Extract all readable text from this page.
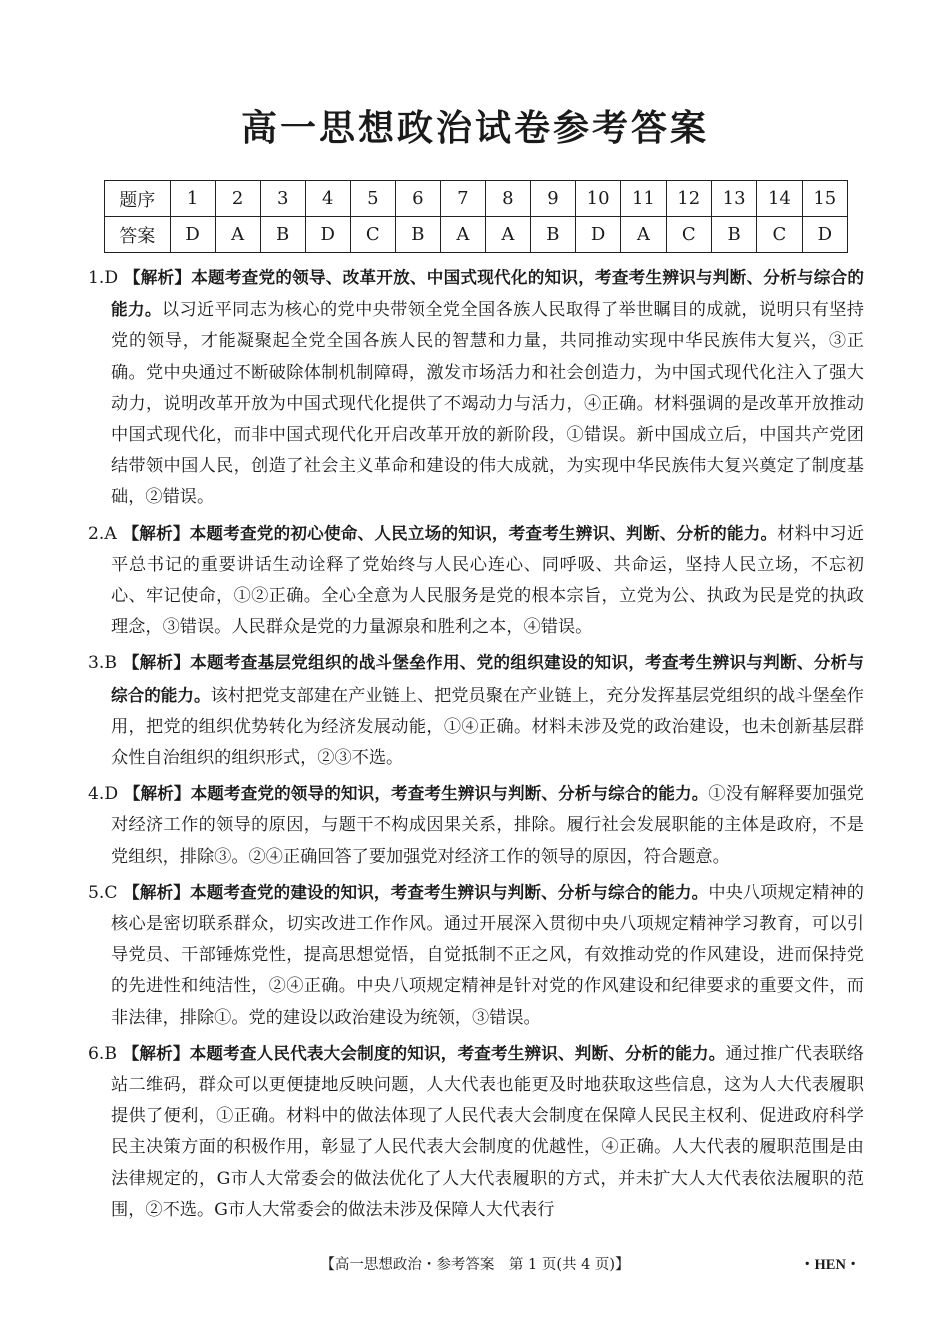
高一思想政治试卷参考答案
题序	1	2	3	4	5	6	7	8	9	10	11	12	13	14	15
答案	D	A	B	D	C	B	A	A	B	D	A	C	B	C	D

1.D 【解析】本题考查党的领导、改革开放、中国式现代化的知识，考查考生辨识与判断、分析与综合的能力。以习近平同志为核心的党中央带领全党全国各族人民取得了举世瞩目的成就，说明只有坚持党的领导，才能凝聚起全党全国各族人民的智慧和力量，共同推动实现中华民族伟大复兴，③正确。党中央通过不断破除体制机制障碍，激发市场活力和社会创造力，为中国式现代化注入了强大动力，说明改革开放为中国式现代化提供了不竭动力与活力，④正确。材料强调的是改革开放推动中国式现代化，而非中国式现代化开启改革开放的新阶段，①错误。新中国成立后，中国共产党团结带领中国人民，创造了社会主义革命和建设的伟大成就，为实现中华民族伟大复兴奠定了制度基础，②错误。

2.A 【解析】本题考查党的初心使命、人民立场的知识，考查考生辨识、判断、分析的能力。材料中习近平总书记的重要讲话生动诠释了党始终与人民心连心、同呼吸、共命运，坚持人民立场，不忘初心、牢记使命，①②正确。全心全意为人民服务是党的根本宗旨，立党为公、执政为民是党的执政理念，③错误。人民群众是党的力量源泉和胜利之本，④错误。

3.B 【解析】本题考查基层党组织的战斗堡垒作用、党的组织建设的知识，考查考生辨识与判断、分析与综合的能力。该村把党支部建在产业链上、把党员聚在产业链上，充分发挥基层党组织的战斗堡垒作用，把党的组织优势转化为经济发展动能，①④正确。材料未涉及党的政治建设，也未创新基层群众性自治组织的组织形式，②③不选。

4.D 【解析】本题考查党的领导的知识，考查考生辨识与判断、分析与综合的能力。①没有解释要加强党对经济工作的领导的原因，与题干不构成因果关系，排除。履行社会发展职能的主体是政府，不是党组织，排除③。②④正确回答了要加强党对经济工作的领导的原因，符合题意。

5.C 【解析】本题考查党的建设的知识，考查考生辨识与判断、分析与综合的能力。中央八项规定精神的核心是密切联系群众，切实改进工作作风。通过开展深入贯彻中央八项规定精神学习教育，可以引导党员、干部锤炼党性，提高思想觉悟，自觉抵制不正之风，有效推动党的作风建设，进而保持党的先进性和纯洁性，②④正确。中央八项规定精神是针对党的作风建设和纪律要求的重要文件，而非法律，排除①。党的建设以政治建设为统领，③错误。

6.B 【解析】本题考查人民代表大会制度的知识，考查考生辨识、判断、分析的能力。通过推广代表联络站二维码，群众可以更便捷地反映问题，人大代表也能更及时地获取这些信息，这为人大代表履职提供了便利，①正确。材料中的做法体现了人民代表大会制度在保障人民民主权利、促进政府科学民主决策方面的积极作用，彰显了人民代表大会制度的优越性，④正确。人大代表的履职范围是由法律规定的，G市人大常委会的做法优化了人大代表履职的方式，并未扩大人大代表依法履职的范围，②不选。G市人大常委会的做法未涉及保障人大代表行

【高一思想政治・参考答案　第 1 页(共 4 页)】	・HEN・
